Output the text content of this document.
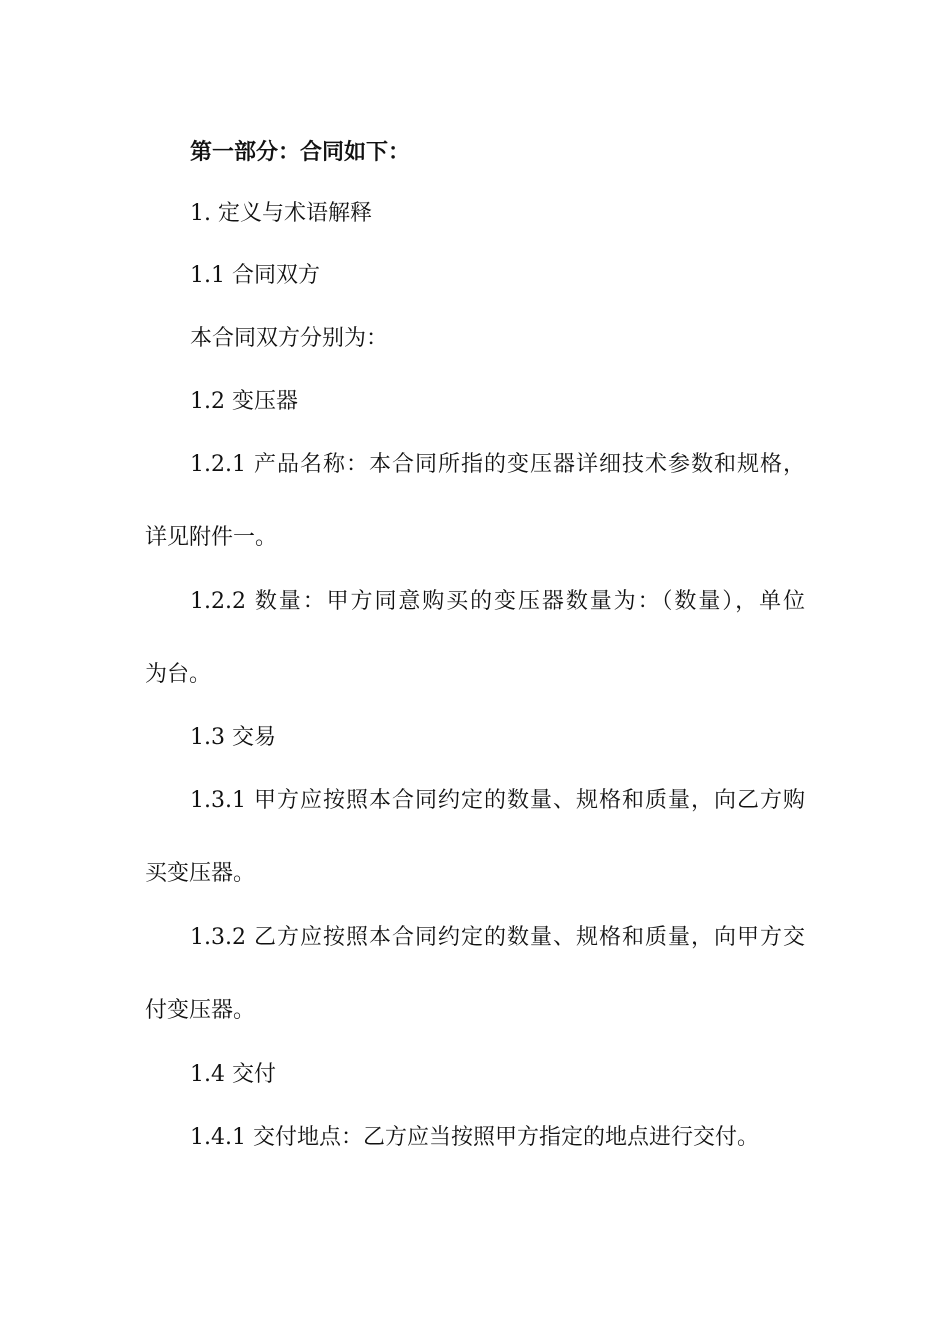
第一部分：合同如下：
1. 定义与术语解释
1.1 合同双方
本合同双方分别为：
1.2 变压器
1.2.1 产品名称：本合同所指的变压器详细技术参数和规格，
详见附件一。
1.2.2 数量：甲方同意购买的变压器数量为：（数量），单位
为台。
1.3 交易
1.3.1 甲方应按照本合同约定的数量、规格和质量，向乙方购
买变压器。
1.3.2 乙方应按照本合同约定的数量、规格和质量，向甲方交
付变压器。
1.4 交付
1.4.1 交付地点：乙方应当按照甲方指定的地点进行交付。
